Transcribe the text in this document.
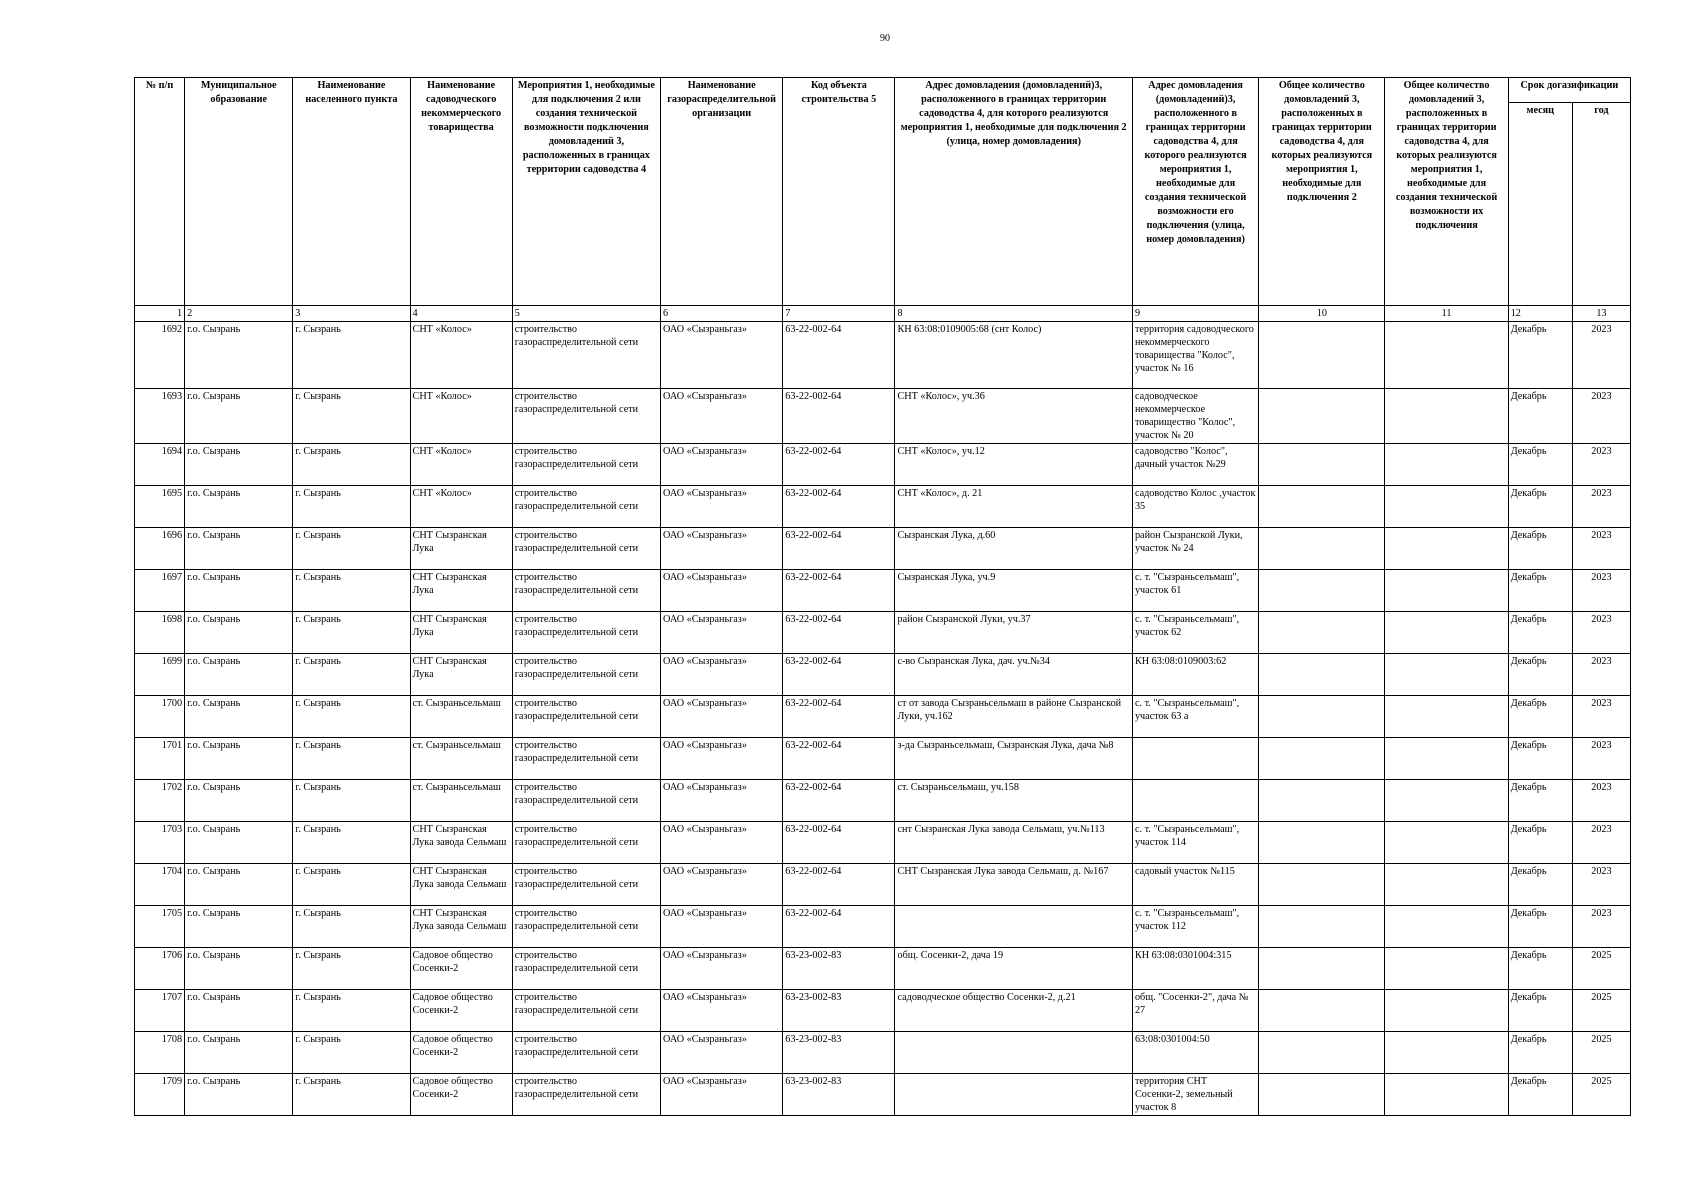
90
№ п/п	Муниципальное образование	Наименование населенного пункта	Наименование садоводческого некоммерческого товарищества	Мероприятия 1, необходимые для подключения 2 или создания технической возможности подключения домовладений 3, расположенных в границах территории садоводства 4	Наименование газораспределительной организации	Код объекта строительства 5	Адрес домовладения (домовладений)3, расположенного в границах территории садоводства 4, для которого реализуются мероприятия 1, необходимые для подключения 2 (улица, номер домовладения)	Адрес домовладения (домовладений)3, расположенного в границах территории садоводства 4, для которого реализуются мероприятия 1, необходимые для создания технической возможности его подключения (улица, номер домовладения)	Общее количество домовладений 3, расположенных в границах территории садоводства 4, для которых реализуются мероприятия 1, необходимые для подключения 2	Общее количество домовладений 3, расположенных в границах территории садоводства 4, для которых реализуются мероприятия 1, необходимые для создания технической возможности их подключения	Срок догазификации	
											месяц	год
1	2	3	4	5	6	7	8	9	10	11	12	13
1692	г.о. Сызрань	г. Сызрань	СНТ «Колос»	строительство газораспределительной сети	ОАО «Сызраньгаз»	63-22-002-64	КН 63:08:0109005:68 (снт Колос)	территория садоводческого некоммерческого товарищества "Колос", участок № 16			Декабрь	2023
1693	г.о. Сызрань	г. Сызрань	СНТ «Колос»	строительство газораспределительной сети	ОАО «Сызраньгаз»	63-22-002-64	СНТ «Колос», уч.36	садоводческое некоммерческое товарищество "Колос", участок № 20			Декабрь	2023
1694	г.о. Сызрань	г. Сызрань	СНТ «Колос»	строительство газораспределительной сети	ОАО «Сызраньгаз»	63-22-002-64	СНТ «Колос», уч.12	садоводство "Колос", дачный участок №29			Декабрь	2023
1695	г.о. Сызрань	г. Сызрань	СНТ «Колос»	строительство газораспределительной сети	ОАО «Сызраньгаз»	63-22-002-64	СНТ «Колос», д. 21	садоводство Колос ,участок 35			Декабрь	2023
1696	г.о. Сызрань	г. Сызрань	СНТ Сызранская Лука	строительство газораспределительной сети	ОАО «Сызраньгаз»	63-22-002-64	Сызранская Лука, д.60	район Сызранской Луки, участок № 24			Декабрь	2023
1697	г.о. Сызрань	г. Сызрань	СНТ Сызранская Лука	строительство газораспределительной сети	ОАО «Сызраньгаз»	63-22-002-64	Сызранская Лука, уч.9	с. т. "Сызраньсельмаш", участок 61			Декабрь	2023
1698	г.о. Сызрань	г. Сызрань	СНТ Сызранская Лука	строительство газораспределительной сети	ОАО «Сызраньгаз»	63-22-002-64	район Сызранской Луки, уч.37	с. т. "Сызраньсельмаш", участок 62			Декабрь	2023
1699	г.о. Сызрань	г. Сызрань	СНТ Сызранская Лука	строительство газораспределительной сети	ОАО «Сызраньгаз»	63-22-002-64	с-во Сызранская Лука, дач. уч.№34	КН 63:08:0109003:62			Декабрь	2023
1700	г.о. Сызрань	г. Сызрань	ст. Сызраньсельмаш	строительство газораспределительной сети	ОАО «Сызраньгаз»	63-22-002-64	ст от завода Сызраньсельмаш в районе Сызранской Луки, уч.162	с. т. "Сызраньсельмаш", участок 63 а			Декабрь	2023
1701	г.о. Сызрань	г. Сызрань	ст. Сызраньсельмаш	строительство газораспределительной сети	ОАО «Сызраньгаз»	63-22-002-64	з-да Сызраньсельмаш, Сызранская Лука, дача №8				Декабрь	2023
1702	г.о. Сызрань	г. Сызрань	ст. Сызраньсельмаш	строительство газораспределительной сети	ОАО «Сызраньгаз»	63-22-002-64	ст. Сызраньсельмаш, уч.158				Декабрь	2023
1703	г.о. Сызрань	г. Сызрань	СНТ Сызранская Лука завода Сельмаш	строительство газораспределительной сети	ОАО «Сызраньгаз»	63-22-002-64	снт Сызранская Лука завода Сельмаш, уч.№113	с. т. "Сызраньсельмаш", участок 114			Декабрь	2023
1704	г.о. Сызрань	г. Сызрань	СНТ Сызранская Лука завода Сельмаш	строительство газораспределительной сети	ОАО «Сызраньгаз»	63-22-002-64	СНТ Сызранская Лука завода Сельмаш, д. №167	садовый участок №115			Декабрь	2023
1705	г.о. Сызрань	г. Сызрань	СНТ Сызранская Лука завода Сельмаш	строительство газораспределительной сети	ОАО «Сызраньгаз»	63-22-002-64		с. т. "Сызраньсельмаш", участок 112			Декабрь	2023
1706	г.о. Сызрань	г. Сызрань	Садовое общество Сосенки-2	строительство газораспределительной сети	ОАО «Сызраньгаз»	63-23-002-83	общ. Сосенки-2, дача 19	КН 63:08:0301004:315			Декабрь	2025
1707	г.о. Сызрань	г. Сызрань	Садовое общество Сосенки-2	строительство газораспределительной сети	ОАО «Сызраньгаз»	63-23-002-83	садоводческое общество Сосенки-2, д.21	общ. "Сосенки-2", дача № 27			Декабрь	2025
1708	г.о. Сызрань	г. Сызрань	Садовое общество Сосенки-2	строительство газораспределительной сети	ОАО «Сызраньгаз»	63-23-002-83		63:08:0301004:50			Декабрь	2025
1709	г.о. Сызрань	г. Сызрань	Садовое общество Сосенки-2	строительство газораспределительной сети	ОАО «Сызраньгаз»	63-23-002-83		территория СНТ Сосенки-2, земельный участок 8			Декабрь	2025
